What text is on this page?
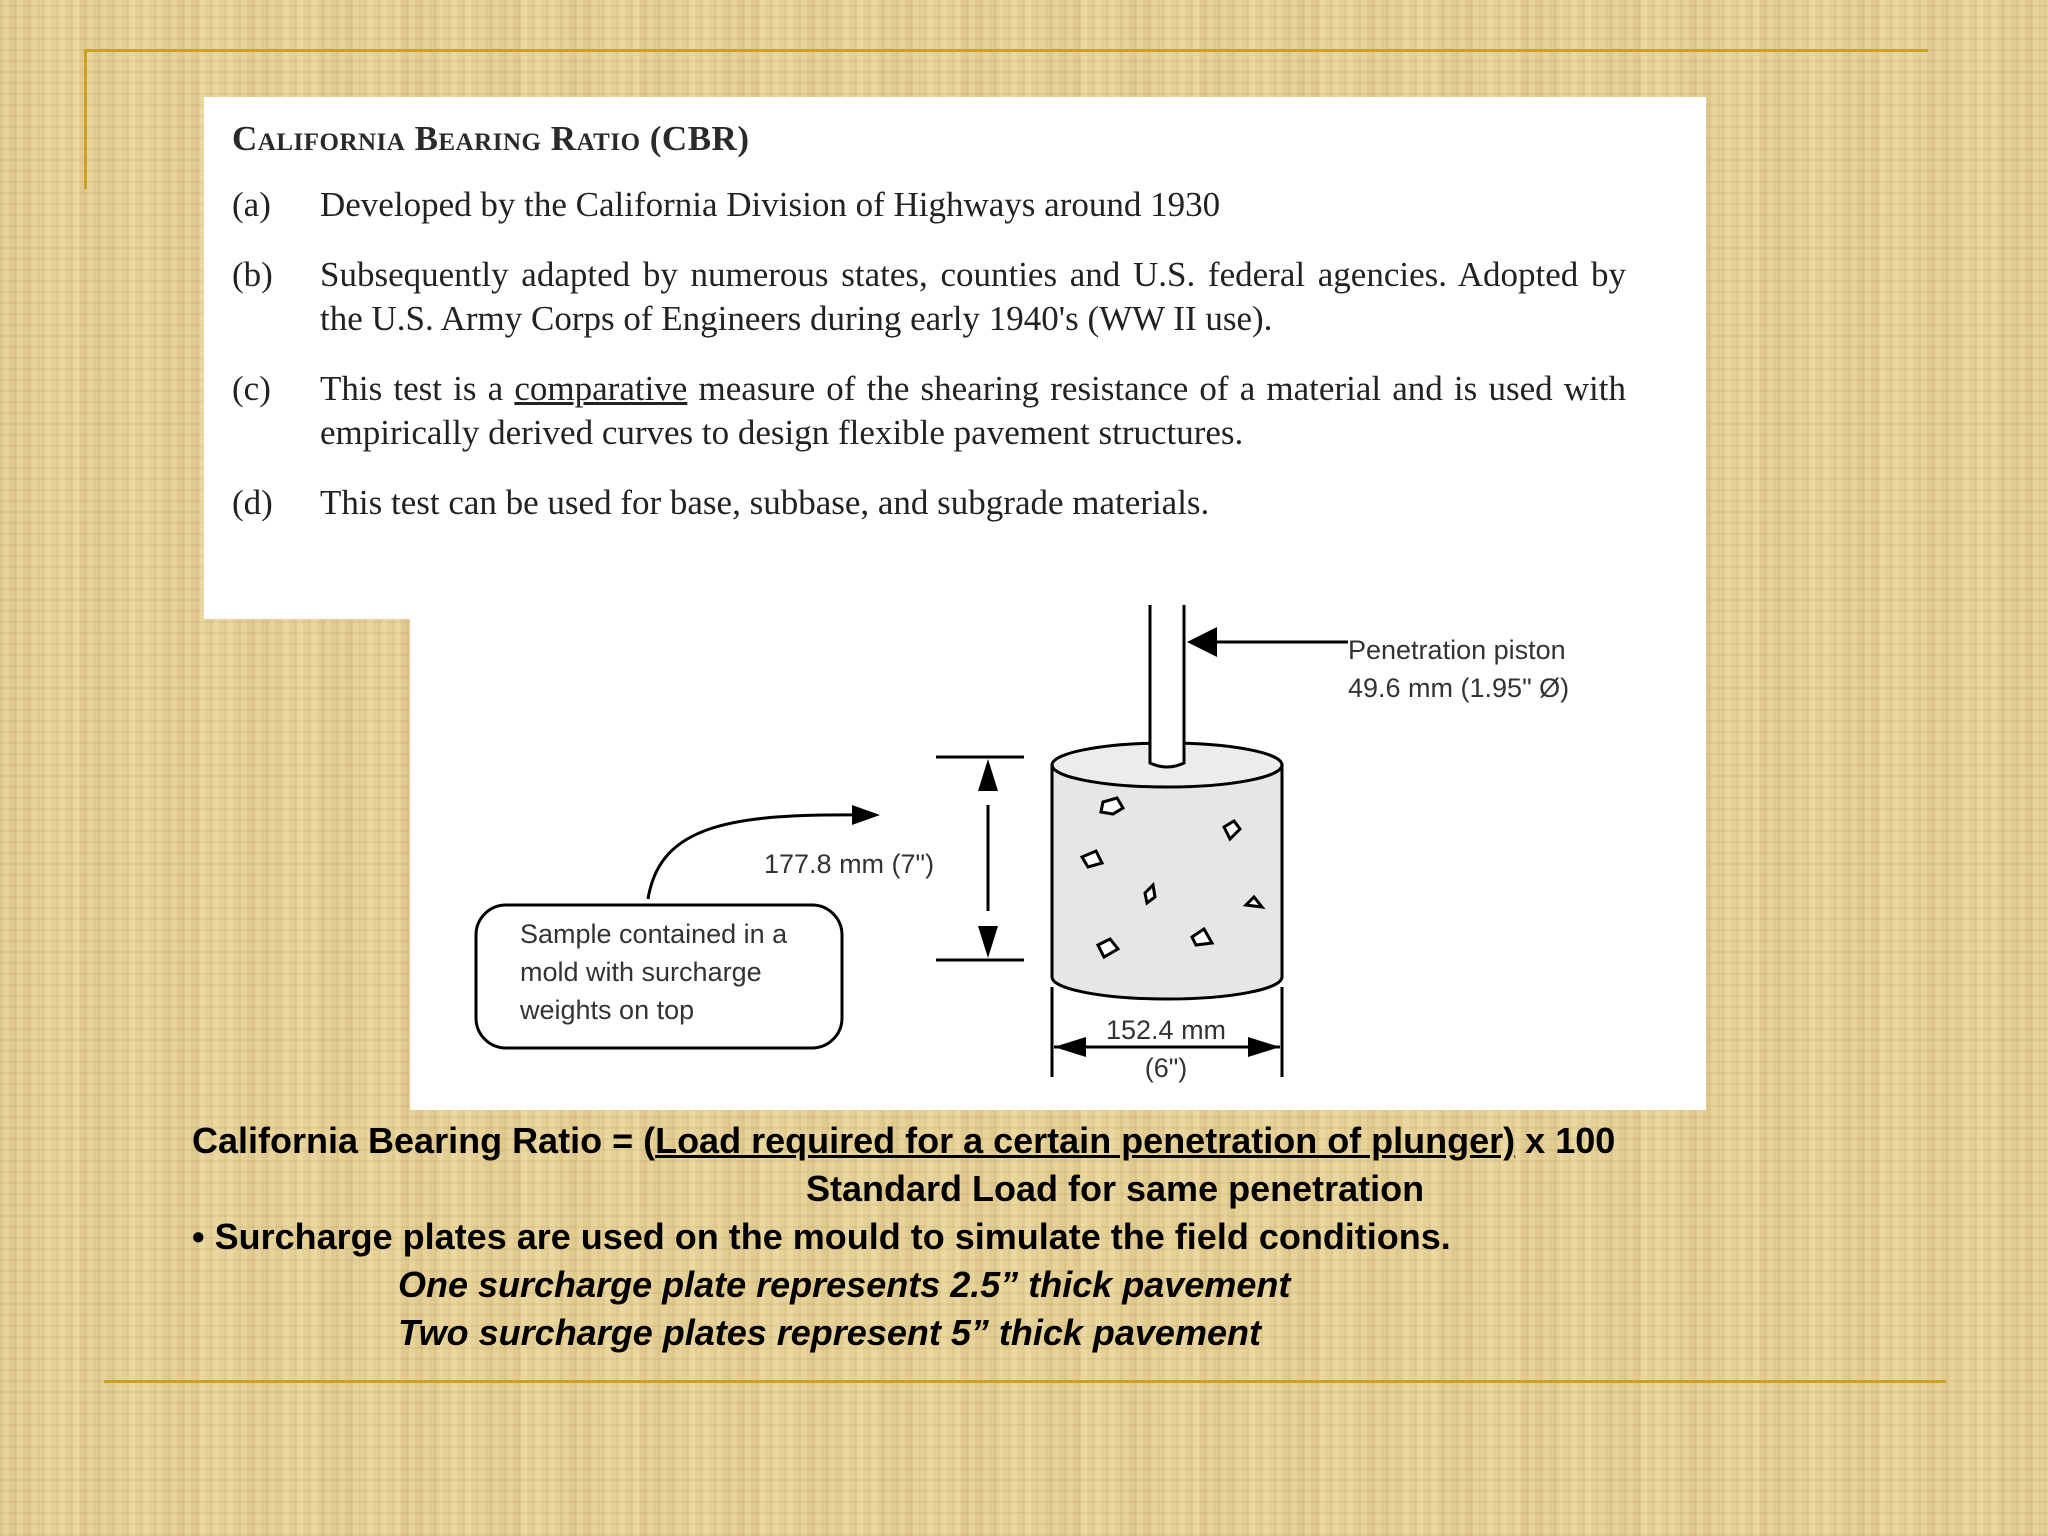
California Bearing Ratio (CBR)
(a)	Developed by the California Division of Highways around 1930
(b)	Subsequently adapted by numerous states, counties and U.S. federal agencies. Adopted by the U.S. Army Corps of Engineers during early 1940's (WW II use).
(c)	This test is a comparative measure of the shearing resistance of a material and is used with empirically derived curves to design flexible pavement structures.
(d)	This test can be used for base, subbase, and subgrade materials.
Penetration piston
49.6 mm (1.95" Ø)
177.8 mm (7")
Sample contained in a
mold with surcharge
weights on top
152.4 mm
(6")
California Bearing Ratio = (Load required for a certain penetration of plunger) x 100
Standard Load for same penetration
• Surcharge plates are used on the mould to simulate the field conditions.
One surcharge plate represents 2.5” thick pavement
Two surcharge plates represent 5” thick pavement
